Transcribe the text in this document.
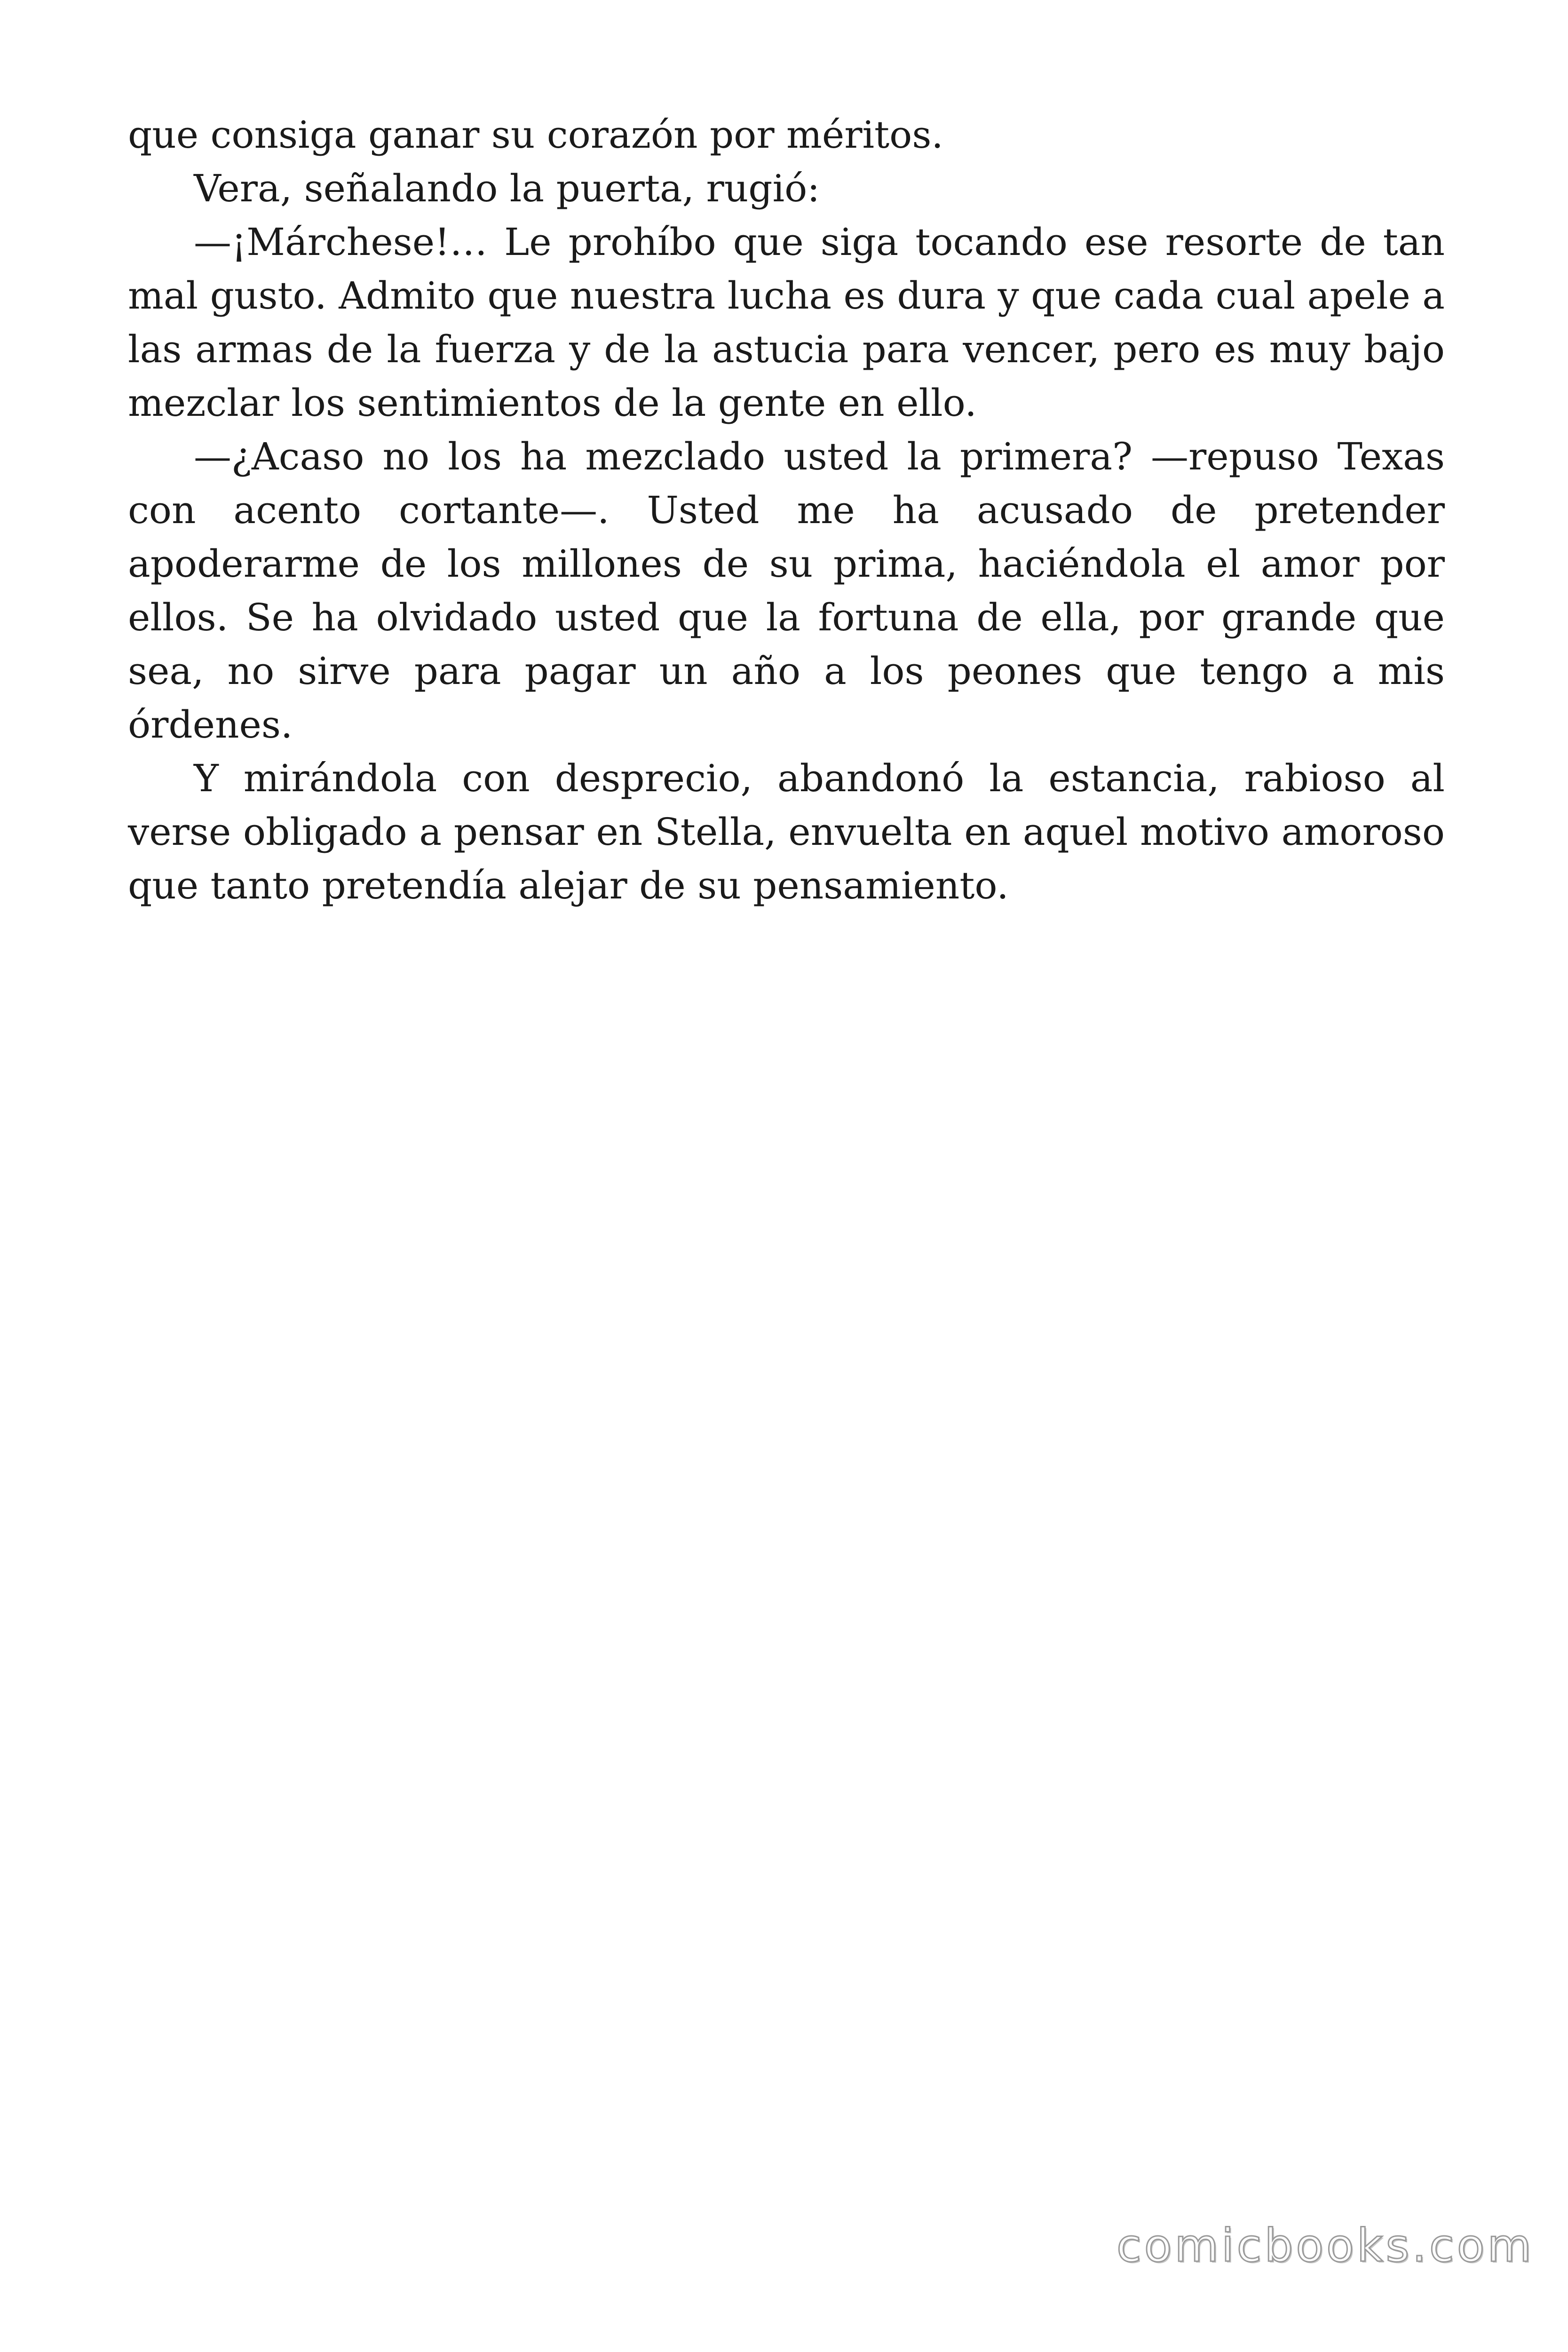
que consiga ganar su corazón por méritos.

Vera, señalando la puerta, rugió:

—¡Márchese!… Le prohíbo que siga tocando ese resorte de tan mal gusto. Admito que nuestra lucha es dura y que cada cual apele a las armas de la fuerza y de la astucia para vencer, pero es muy bajo mezclar los sentimientos de la gente en ello.

—¿Acaso no los ha mezclado usted la primera? —repuso Texas con acento cortante—. Usted me ha acusado de pretender apoderarme de los millones de su prima, haciéndola el amor por ellos. Se ha olvidado usted que la fortuna de ella, por grande que sea, no sirve para pagar un año a los peones que tengo a mis órdenes.

Y mirándola con desprecio, abandonó la estancia, rabioso al verse obligado a pensar en Stella, envuelta en aquel motivo amoroso que tanto pretendía alejar de su pensamiento.

comicbooks.com
